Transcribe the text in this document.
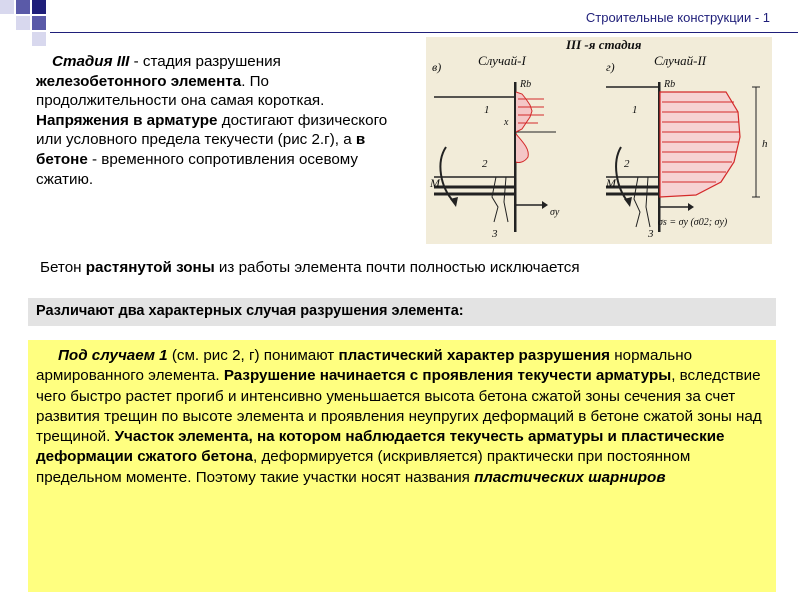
Строительные конструкции - 1
Стадия III - стадия разрушения железобетонного элемента. По продолжительности она самая короткая. Напряжения в арматуре достигают физического или условного предела текучести (рис 2.г), а в бетоне - временного сопротивления осевому сжатию.
III -я стадия
в)	Случай-I	г)	Случай-II
M	M
Rb	Rb
1	1
2	2
3	3
h
x
σy
σs = σy (σ02; σy)
Бетон растянутой зоны из работы элемента почти полностью исключается
Различают два характерных случая разрушения элемента:
Под случаем 1 (см. рис 2, г) понимают пластический характер разрушения нормально армированного элемента. Разрушение начинается с проявления текучести арматуры, вследствие чего быстро растет прогиб и интенсивно уменьшается высота бетона сжатой зоны сечения за счет развития трещин по высоте элемента и проявления неупругих деформаций в бетоне сжатой зоны над трещиной. Участок элемента, на котором наблюдается текучесть арматуры и пластические деформации сжатого бетона, деформируется (искривляется) практически при постоянном предельном моменте. Поэтому такие участки носят названия пластических шарниров
